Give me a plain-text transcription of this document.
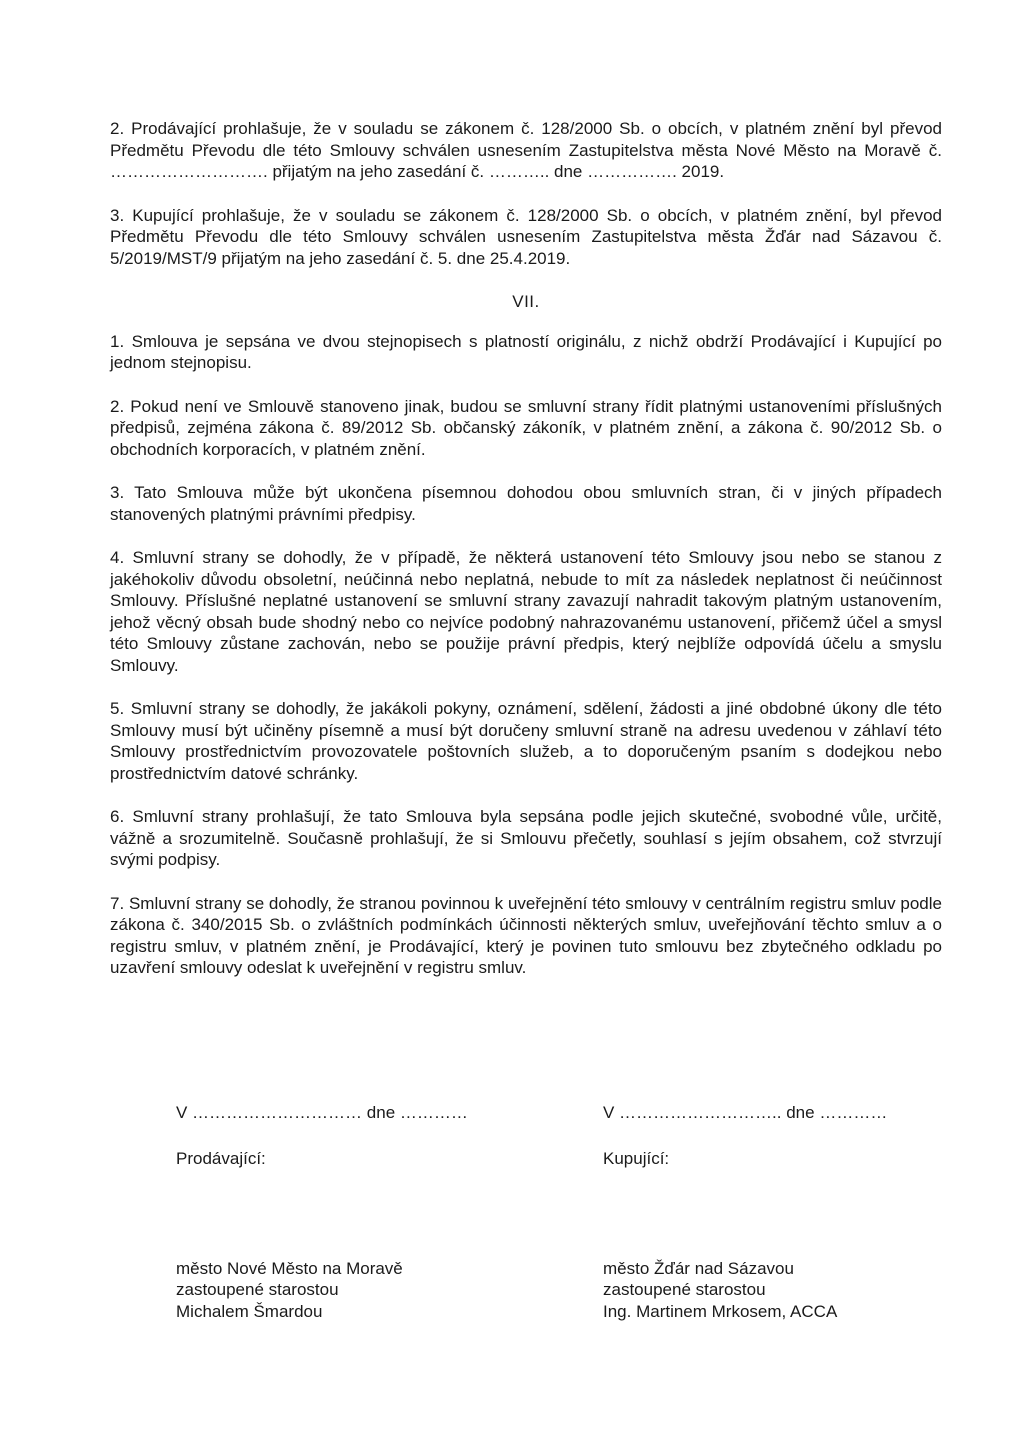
2. Prodávající prohlašuje, že v souladu se zákonem č. 128/2000 Sb. o obcích, v platném znění byl převod Předmětu Převodu dle této Smlouvy schválen usnesením Zastupitelstva města Nové Město na Moravě č. ………………………. přijatým na jeho zasedání č. ……….. dne ……………. 2019.

3. Kupující prohlašuje, že v souladu se zákonem č. 128/2000 Sb. o obcích, v platném znění, byl převod Předmětu Převodu dle této Smlouvy schválen usnesením Zastupitelstva města Žďár nad Sázavou č. 5/2019/MST/9 přijatým na jeho zasedání č. 5. dne 25.4.2019.

VII.

1. Smlouva je sepsána ve dvou stejnopisech s platností originálu, z nichž obdrží Prodávající i Kupující po jednom stejnopisu.

2. Pokud není ve Smlouvě stanoveno jinak, budou se smluvní strany řídit platnými ustanoveními příslušných předpisů, zejména zákona č. 89/2012 Sb. občanský zákoník, v platném znění, a zákona č. 90/2012 Sb. o obchodních korporacích, v platném znění.

3. Tato Smlouva může být ukončena písemnou dohodou obou smluvních stran, či v jiných případech stanovených platnými právními předpisy.

4. Smluvní strany se dohodly, že v případě, že některá ustanovení této Smlouvy jsou nebo se stanou z jakéhokoliv důvodu obsoletní, neúčinná nebo neplatná, nebude to mít za následek neplatnost či neúčinnost Smlouvy. Příslušné neplatné ustanovení se smluvní strany zavazují nahradit takovým platným ustanovením, jehož věcný obsah bude shodný nebo co nejvíce podobný nahrazovanému ustanovení, přičemž účel a smysl této Smlouvy zůstane zachován, nebo se použije právní předpis, který nejblíže odpovídá účelu a smyslu Smlouvy.

5. Smluvní strany se dohodly, že jakákoli pokyny, oznámení, sdělení, žádosti a jiné obdobné úkony dle této Smlouvy musí být učiněny písemně a musí být doručeny smluvní straně na adresu uvedenou v záhlaví této Smlouvy prostřednictvím provozovatele poštovních služeb, a to doporučeným psaním s dodejkou nebo prostřednictvím datové schránky.

6. Smluvní strany prohlašují, že tato Smlouva byla sepsána podle jejich skutečné, svobodné vůle, určitě, vážně a srozumitelně. Současně prohlašují, že si Smlouvu přečetly, souhlasí s jejím obsahem, což stvrzují svými podpisy.

7. Smluvní strany se dohodly, že stranou povinnou k uveřejnění této smlouvy v centrálním registru smluv podle zákona č. 340/2015 Sb. o zvláštních podmínkách účinnosti některých smluv, uveřejňování těchto smluv a o registru smluv, v platném znění, je Prodávající, který je povinen tuto smlouvu bez zbytečného odkladu po uzavření smlouvy odeslat k uveřejnění v registru smluv.

V ………………………… dne …………
Prodávající:
město Nové Město na Moravě
zastoupené starostou
Michalem Šmardou
V ……………………….. dne …………
Kupující:
město Žďár nad Sázavou
zastoupené starostou
Ing. Martinem Mrkosem, ACCA
